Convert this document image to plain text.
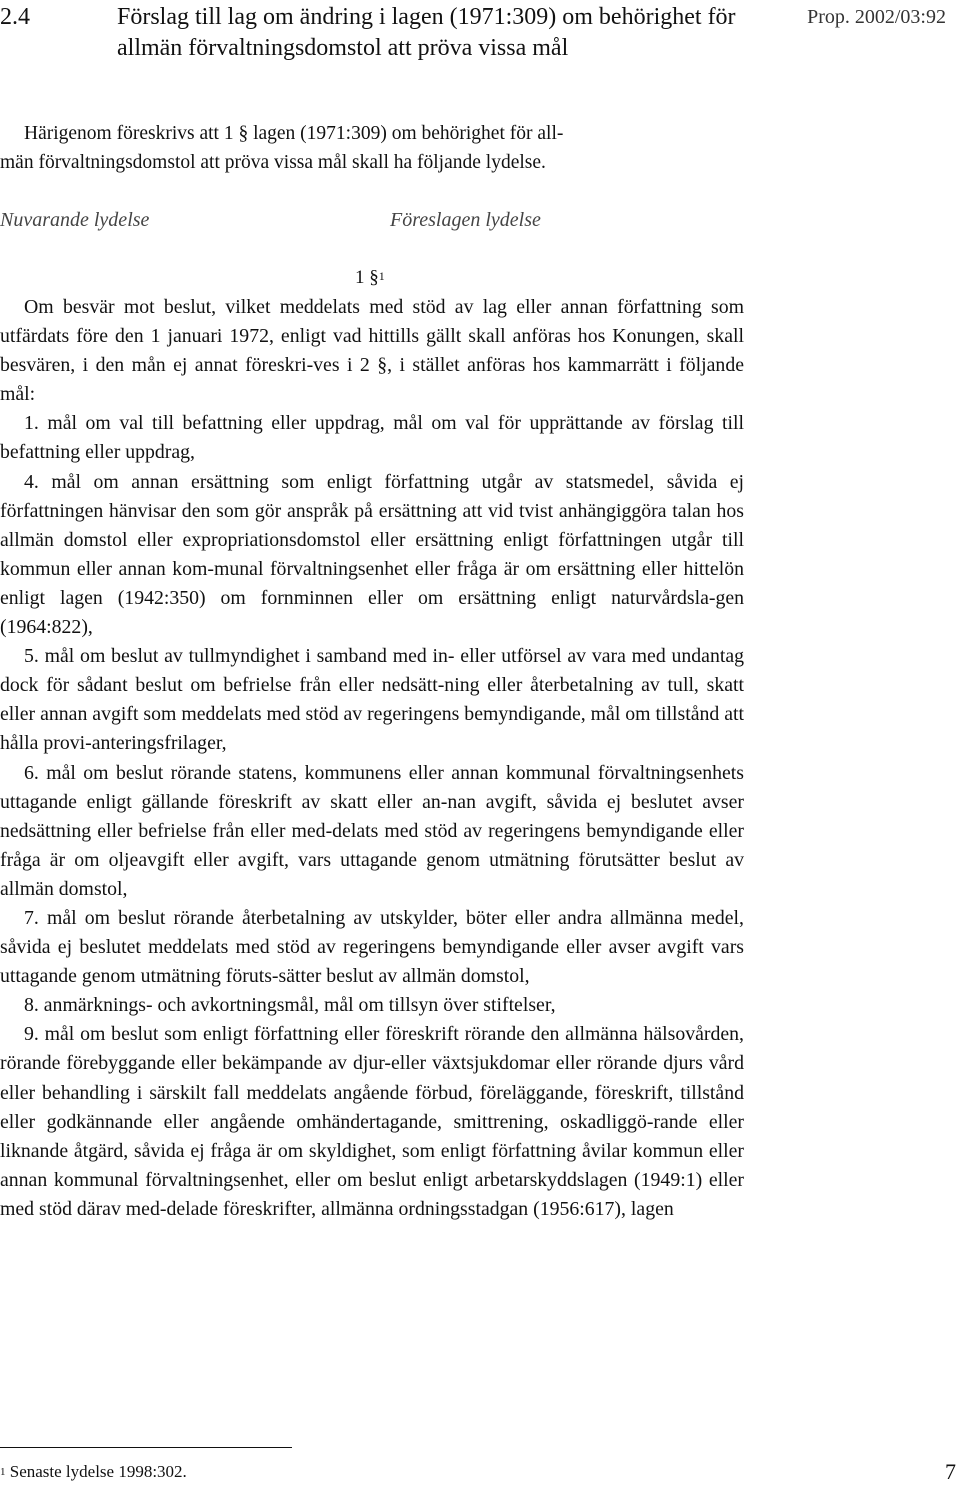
2.4	Förslag till lag om ändring i lagen (1971:309) om behörighet för allmän förvaltningsdomstol att pröva vissa mål
Prop. 2002/03:92
Härigenom föreskrivs att 1 § lagen (1971:309) om behörighet för all-
män förvaltningsdomstol att pröva vissa mål skall ha följande lydelse.
Nuvarande lydelse	Föreslagen lydelse
1 §$^1$

Om besvär mot beslut, vilket meddelats med stöd av lag eller annan författning som utfärdats före den 1 januari 1972, enligt vad hittills gällt skall anföras hos Konungen, skall besvären, i den mån ej annat föreskri-ves i 2 §, i stället anföras hos kammarrätt i följande mål:

1. mål om val till befattning eller uppdrag, mål om val för upprättande av förslag till befattning eller uppdrag,

4. mål om annan ersättning som enligt författning utgår av statsmedel, såvida ej författningen hänvisar den som gör anspråk på ersättning att vid tvist anhängiggöra talan hos allmän domstol eller expropriationsdomstol eller ersättning enligt författningen utgår till kommun eller annan kom-munal förvaltningsenhet eller fråga är om ersättning eller hittelön enligt lagen (1942:350) om fornminnen eller om ersättning enligt naturvårdsla-gen (1964:822),

5. mål om beslut av tullmyndighet i samband med in- eller utförsel av vara med undantag dock för sådant beslut om befrielse från eller nedsätt-ning eller återbetalning av tull, skatt eller annan avgift som meddelats med stöd av regeringens bemyndigande, mål om tillstånd att hålla provi-anteringsfrilager,

6. mål om beslut rörande statens, kommunens eller annan kommunal förvaltningsenhets uttagande enligt gällande föreskrift av skatt eller an-nan avgift, såvida ej beslutet avser nedsättning eller befrielse från eller med-delats med stöd av regeringens bemyndigande eller fråga är om oljeavgift eller avgift, vars uttagande genom utmätning förutsätter beslut av allmän domstol,

7. mål om beslut rörande återbetalning av utskylder, böter eller andra allmänna medel, såvida ej beslutet meddelats med stöd av regeringens bemyndigande eller avser avgift vars uttagande genom utmätning föruts-sätter beslut av allmän domstol,

8. anmärknings- och avkortningsmål, mål om tillsyn över stiftelser,

9. mål om beslut som enligt författning eller föreskrift rörande den allmänna hälsovården, rörande förebyggande eller bekämpande av djur-eller växtsjukdomar eller rörande djurs vård eller behandling i särskilt fall meddelats angående förbud, föreläggande, föreskrift, tillstånd eller godkännande eller angående omhändertagande, smittrening, oskadliggö-rande eller liknande åtgärd, såvida ej fråga är om skyldighet, som enligt författning åvilar kommun eller annan kommunal förvaltningsenhet, eller om beslut enligt arbetarskyddslagen (1949:1) eller med stöd därav med-delade föreskrifter, allmänna ordningsstadgan (1956:617), lagen

$^1$ Senaste lydelse 1998:302.	7
